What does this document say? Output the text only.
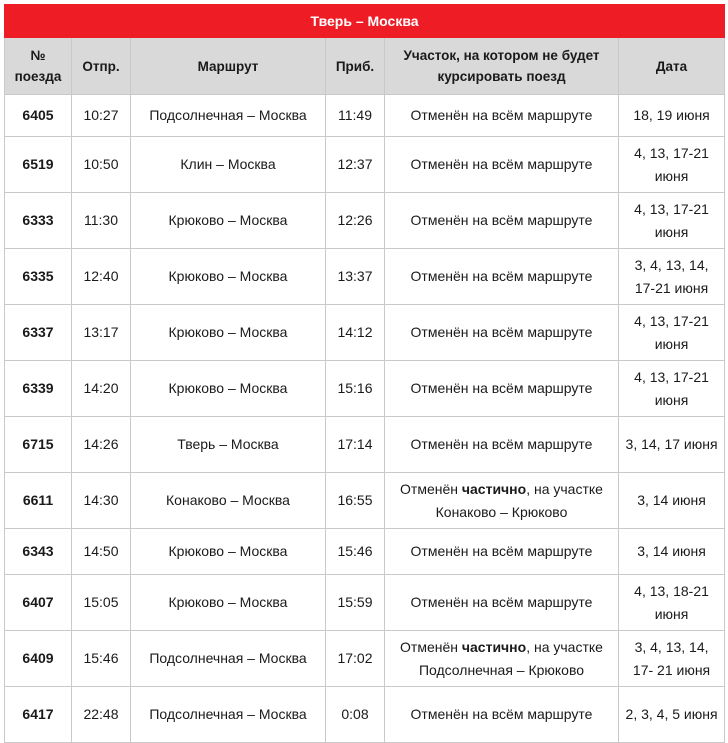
Тверь – Москва					
№ поезда	Отпр.	Маршрут	Приб.	Участок, на котором не будет курсировать поезд	Дата
6405	10:27	Подсолнечная – Москва	11:49	Отменён на всём маршруте	18, 19 июня
6519	10:50	Клин – Москва	12:37	Отменён на всём маршруте	4, 13, 17-21 июня
6333	11:30	Крюково – Москва	12:26	Отменён на всём маршруте	4, 13, 17-21 июня
6335	12:40	Крюково – Москва	13:37	Отменён на всём маршруте	3, 4, 13, 14, 17-21 июня
6337	13:17	Крюково – Москва	14:12	Отменён на всём маршруте	4, 13, 17-21 июня
6339	14:20	Крюково – Москва	15:16	Отменён на всём маршруте	4, 13, 17-21 июня
6715	14:26	Тверь – Москва	17:14	Отменён на всём маршруте	3, 14, 17 июня
6611	14:30	Конаково – Москва	16:55	Отменён частично, на участке Конаково – Крюково	3, 14 июня
6343	14:50	Крюково – Москва	15:46	Отменён на всём маршруте	3, 14 июня
6407	15:05	Крюково – Москва	15:59	Отменён на всём маршруте	4, 13, 18-21 июня
6409	15:46	Подсолнечная – Москва	17:02	Отменён частично, на участке Подсолнечная – Крюково	3, 4, 13, 14, 17- 21 июня
6417	22:48	Подсолнечная – Москва	0:08	Отменён на всём маршруте	2, 3, 4, 5 июня
